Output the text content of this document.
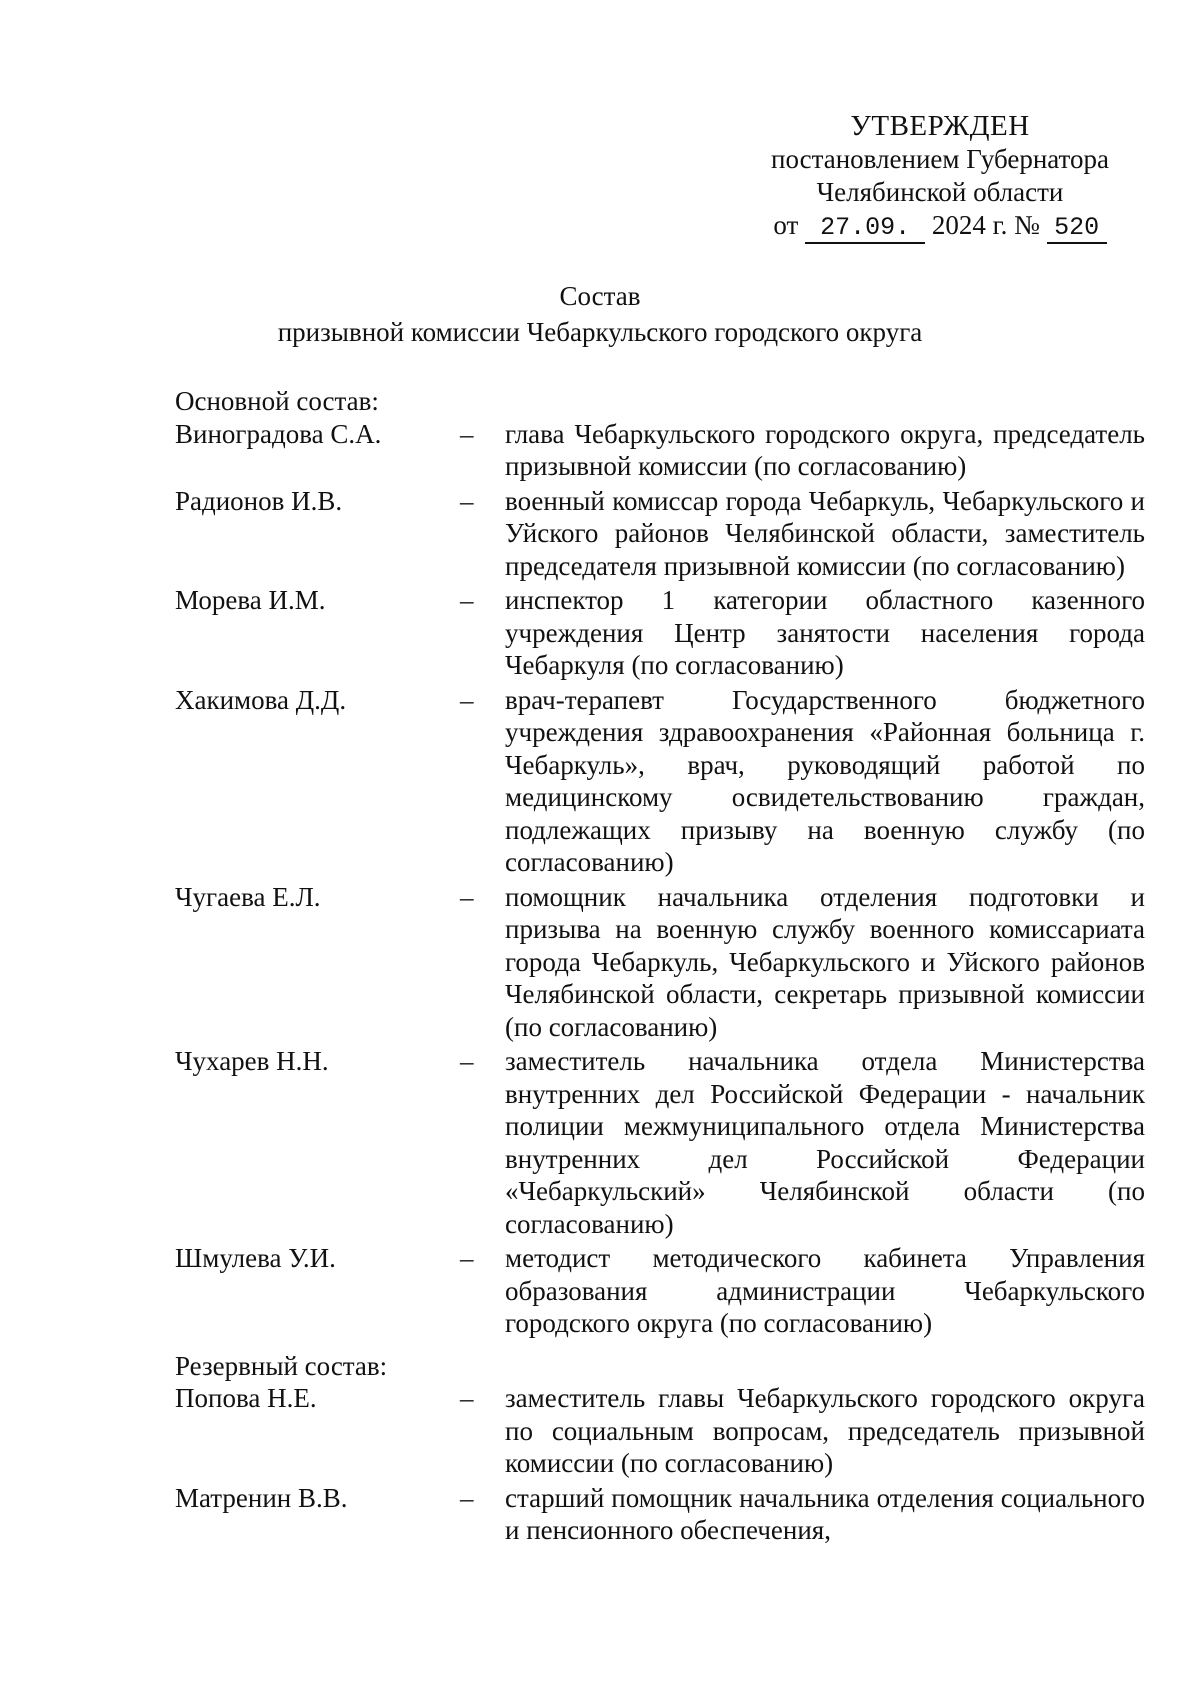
УТВЕРЖДЕН
постановлением Губернатора
Челябинской области
от 27.09. 2024 г. № 520
Состав
призывной комиссии Чебаркульского городского округа
Основной состав:
Виноградова С.А.	–	глава Чебаркульского городского округа, председатель призывной комиссии (по согласованию)
Радионов И.В.	–	военный комиссар города Чебаркуль, Чебаркульского и Уйского районов Челябинской области, заместитель председателя призывной комиссии (по согласованию)
Морева И.М.	–	инспектор 1 категории областного казенного учреждения Центр занятости населения города Чебаркуля (по согласованию)
Хакимова Д.Д.	–	врач-терапевт Государственного бюджетного учреждения здравоохранения «Районная больница г. Чебаркуль», врач, руководящий работой по медицинскому освидетельствованию граждан, подлежащих призыву на военную службу (по согласованию)
Чугаева Е.Л.	–	помощник начальника отделения подготовки и призыва на военную службу военного комиссариата города Чебаркуль, Чебаркульского и Уйского районов Челябинской области, секретарь призывной комиссии (по согласованию)
Чухарев Н.Н.	–	заместитель начальника отдела Министерства внутренних дел Российской Федерации - начальник полиции межмуниципального отдела Министерства внутренних дел Российской Федерации «Чебаркульский» Челябинской области (по согласованию)
Шмулева У.И.	–	методист методического кабинета Управления образования администрации Чебаркульского городского округа (по согласованию)
Резервный состав:
Попова Н.Е.	–	заместитель главы Чебаркульского городского округа по социальным вопросам, председатель призывной комиссии (по согласованию)
Матренин В.В.	–	старший помощник начальника отделения социального и пенсионного обеспечения,
